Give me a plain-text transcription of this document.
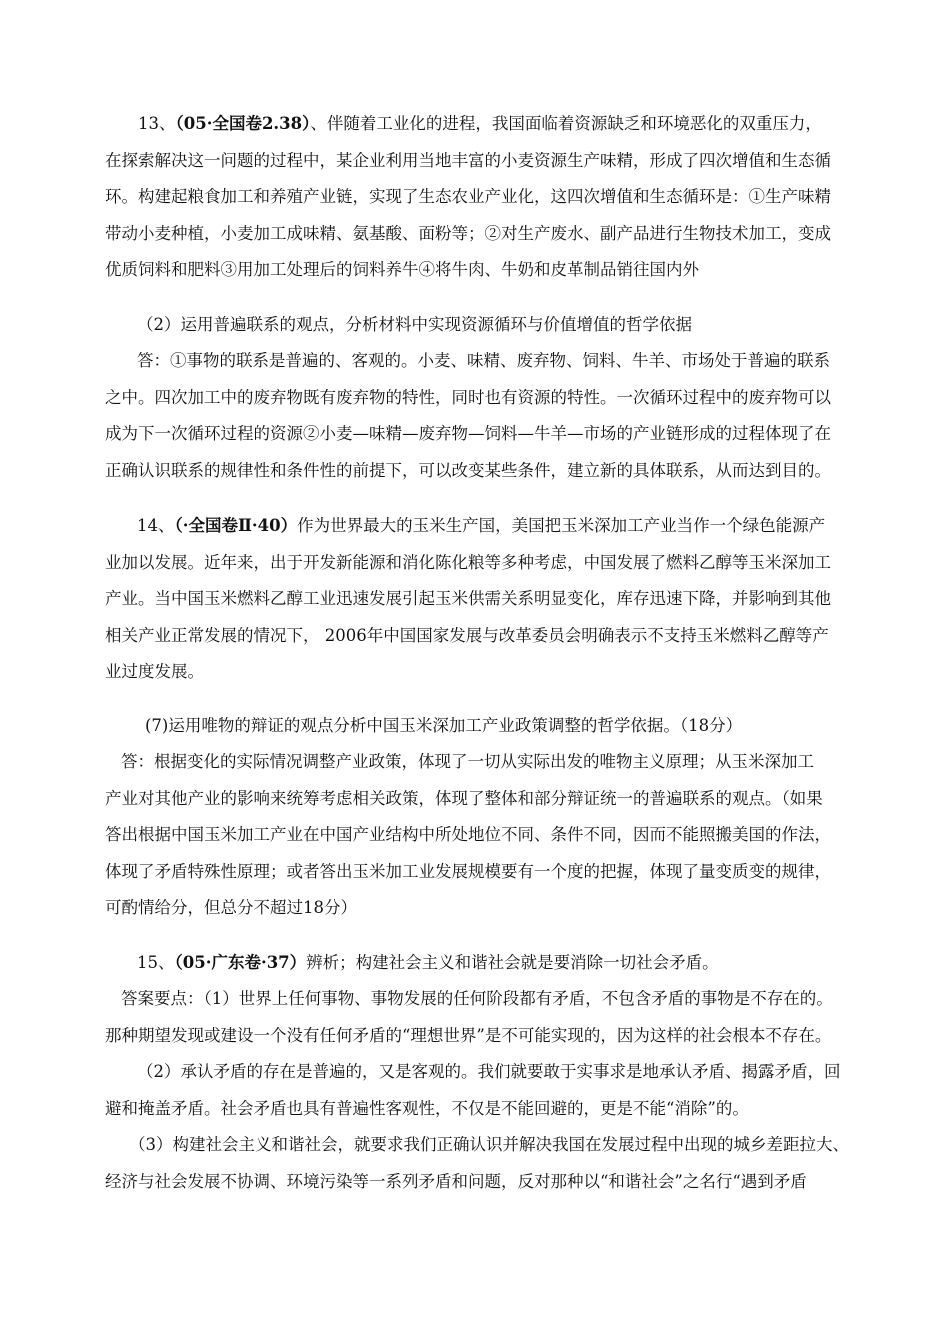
13、（05·全国卷2.38）、伴随着工业化的进程，我国面临着资源缺乏和环境恶化的双重压力，
在探索解决这一问题的过程中，某企业利用当地丰富的小麦资源生产味精，形成了四次增值和生态循
环。构建起粮食加工和养殖产业链，实现了生态农业产业化，这四次增值和生态循环是：①生产味精
带动小麦种植，小麦加工成味精、氨基酸、面粉等；②对生产废水、副产品进行生物技术加工，变成
优质饲料和肥料③用加工处理后的饲料养牛④将牛肉、牛奶和皮革制品销往国内外
（2）运用普遍联系的观点，分析材料中实现资源循环与价值增值的哲学依据
答：①事物的联系是普遍的、客观的。小麦、味精、废弃物、饲料、牛羊、市场处于普遍的联系
之中。四次加工中的废弃物既有废弃物的特性，同时也有资源的特性。一次循环过程中的废弃物可以
成为下一次循环过程的资源②小麦—味精—废弃物—饲料—牛羊—市场的产业链形成的过程体现了在
正确认识联系的规律性和条件性的前提下，可以改变某些条件，建立新的具体联系，从而达到目的。
14、（·全国卷Ⅱ·40）作为世界最大的玉米生产国，美国把玉米深加工产业当作一个绿色能源产
业加以发展。近年来，出于开发新能源和消化陈化粮等多种考虑，中国发展了燃料乙醇等玉米深加工
产业。当中国玉米燃料乙醇工业迅速发展引起玉米供需关系明显变化，库存迅速下降，并影响到其他
相关产业正常发展的情况下， 2006年中国国家发展与改革委员会明确表示不支持玉米燃料乙醇等产
业过度发展。
(7)运用唯物的辩证的观点分析中国玉米深加工产业政策调整的哲学依据。（18分）
答：根据变化的实际情况调整产业政策，体现了一切从实际出发的唯物主义原理；从玉米深加工
产业对其他产业的影响来统筹考虑相关政策，体现了整体和部分辩证统一的普遍联系的观点。（如果
答出根据中国玉米加工产业在中国产业结构中所处地位不同、条件不同，因而不能照搬美国的作法，
体现了矛盾特殊性原理；或者答出玉米加工业发展规模要有一个度的把握，体现了量变质变的规律，
可酌情给分，但总分不超过18分）
15、（05·广东卷·37）辨析；构建社会主义和谐社会就是要消除一切社会矛盾。
答案要点：（1）世界上任何事物、事物发展的任何阶段都有矛盾，不包含矛盾的事物是不存在的。
那种期望发现或建设一个没有任何矛盾的“理想世界”是不可能实现的，因为这样的社会根本不存在。
（2）承认矛盾的存在是普遍的，又是客观的。我们就要敢于实事求是地承认矛盾、揭露矛盾，回
避和掩盖矛盾。社会矛盾也具有普遍性客观性，不仅是不能回避的，更是不能“消除”的。
（3）构建社会主义和谐社会，就要求我们正确认识并解决我国在发展过程中出现的城乡差距拉大、
经济与社会发展不协调、环境污染等一系列矛盾和问题，反对那种以“和谐社会”之名行“遇到矛盾
